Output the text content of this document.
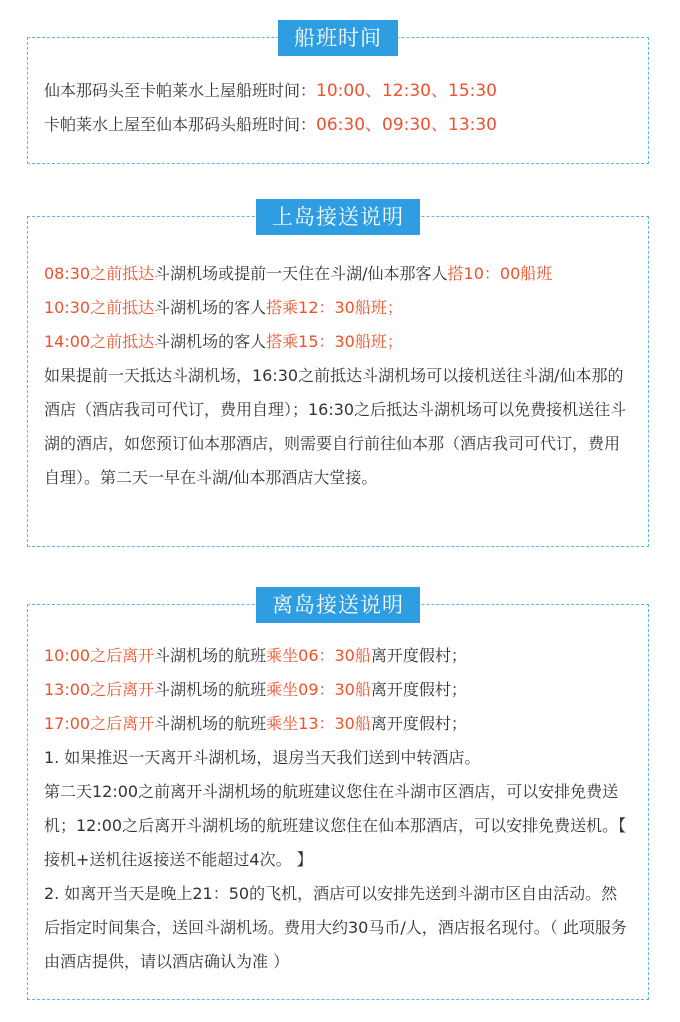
船班时间
仙本那码头至卡帕莱水上屋船班时间：10:00、12:30、15:30
卡帕莱水上屋至仙本那码头船班时间：06:30、09:30、13:30
上岛接送说明
08:30之前抵达斗湖机场或提前一天住在斗湖/仙本那客人搭10：00船班
10:30之前抵达斗湖机场的客人搭乘12：30船班；
14:00之前抵达斗湖机场的客人搭乘15：30船班；
如果提前一天抵达斗湖机场，16:30之前抵达斗湖机场可以接机送往斗湖/仙本那的酒店（酒店我司可代订，费用自理）；16:30之后抵达斗湖机场可以免费接机送往斗湖的酒店，如您预订仙本那酒店，则需要自行前往仙本那（酒店我司可代订，费用自理）。第二天一早在斗湖/仙本那酒店大堂接。
离岛接送说明
10:00之后离开斗湖机场的航班乘坐06：30船离开度假村；
13:00之后离开斗湖机场的航班乘坐09：30船离开度假村；
17:00之后离开斗湖机场的航班乘坐13：30船离开度假村；
1. 如果推迟一天离开斗湖机场，退房当天我们送到中转酒店。
第二天12:00之前离开斗湖机场的航班建议您住在斗湖市区酒店，可以安排免费送机；12:00之后离开斗湖机场的航班建议您住在仙本那酒店，可以安排免费送机。【 接机+送机往返接送不能超过4次。 】
2. 如离开当天是晚上21：50的飞机，酒店可以安排先送到斗湖市区自由活动。然后指定时间集合，送回斗湖机场。费用大约30马币/人，酒店报名现付。（ 此项服务由酒店提供，请以酒店确认为准 ）
